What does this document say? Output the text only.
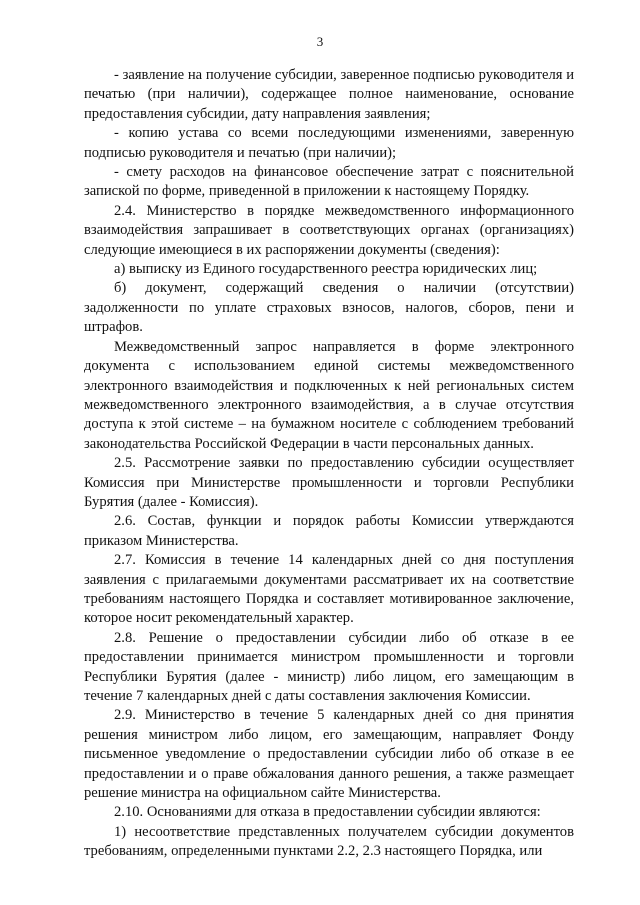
3

- заявление на получение субсидии, заверенное подписью руководителя и печатью (при наличии), содержащее полное наименование, основание предоставления субсидии, дату направления заявления;

- копию устава со всеми последующими изменениями, заверенную подписью руководителя и печатью (при наличии);

- смету расходов на финансовое обеспечение затрат с пояснительной запиской по форме, приведенной в приложении к настоящему Порядку.

2.4. Министерство в порядке межведомственного информационного взаимодействия запрашивает в соответствующих органах (организациях) следующие имеющиеся в их распоряжении документы (сведения):

а) выписку из Единого государственного реестра юридических лиц;

б) документ, содержащий сведения о наличии (отсутствии) задолженности по уплате страховых взносов, налогов, сборов, пени и штрафов.

Межведомственный запрос направляется в форме электронного документа с использованием единой системы межведомственного электронного взаимодействия и подключенных к ней региональных систем межведомственного электронного взаимодействия, а в случае отсутствия доступа к этой системе – на бумажном носителе с соблюдением требований законодательства Российской Федерации в части персональных данных.

2.5. Рассмотрение заявки по предоставлению субсидии осуществляет Комиссия при Министерстве промышленности и торговли Республики Бурятия (далее - Комиссия).

2.6. Состав, функции и порядок работы Комиссии утверждаются приказом Министерства.

2.7. Комиссия в течение 14 календарных дней со дня поступления заявления с прилагаемыми документами рассматривает их на соответствие требованиям настоящего Порядка и составляет мотивированное заключение, которое носит рекомендательный характер.

2.8. Решение о предоставлении субсидии либо об отказе в ее предоставлении принимается министром промышленности и торговли Республики Бурятия (далее - министр) либо лицом, его замещающим в течение 7 календарных дней с даты составления заключения Комиссии.

2.9. Министерство в течение 5 календарных дней со дня принятия решения министром либо лицом, его замещающим, направляет Фонду письменное уведомление о предоставлении субсидии либо об отказе в ее предоставлении и о праве обжалования данного решения, а также размещает решение министра на официальном сайте Министерства.

2.10. Основаниями для отказа в предоставлении субсидии являются:

1) несоответствие представленных получателем субсидии документов требованиям, определенными пунктами 2.2, 2.3 настоящего Порядка, или
